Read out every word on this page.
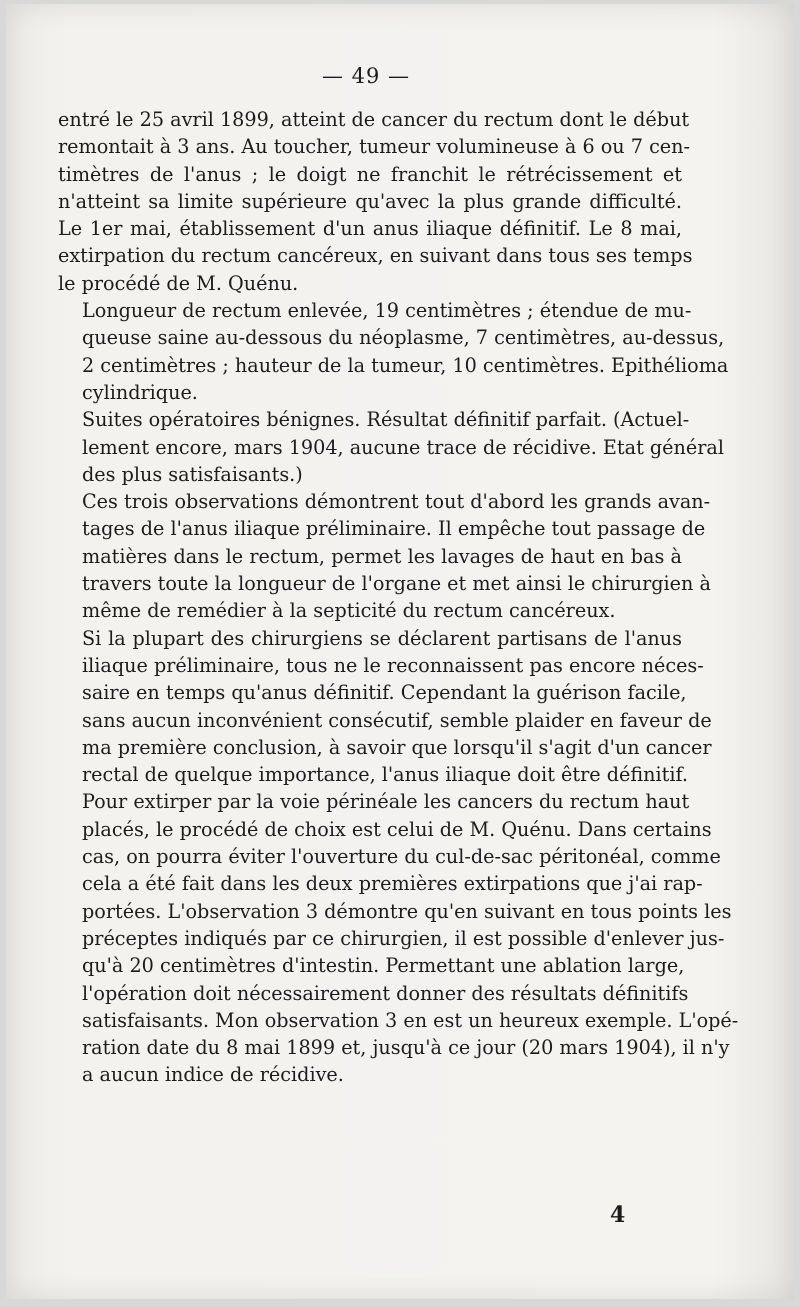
— 49 —

entré le 25 avril 1899, atteint de cancer du rectum dont le début
remontait à 3 ans. Au toucher, tumeur volumineuse à 6 ou 7 cen-
timètres de l'anus ; le doigt ne franchit le rétrécissement et
n'atteint sa limite supérieure qu'avec la plus grande difficulté.
Le 1er mai, établissement d'un anus iliaque définitif. Le 8 mai,
extirpation du rectum cancéreux, en suivant dans tous ses temps
le procédé de M. Quénu.

Longueur de rectum enlevée, 19 centimètres ; étendue de mu-
queuse saine au-dessous du néoplasme, 7 centimètres, au-dessus,
2 centimètres ; hauteur de la tumeur, 10 centimètres. Epithélioma
cylindrique.

Suites opératoires bénignes. Résultat définitif parfait. (Actuel-
lement encore, mars 1904, aucune trace de récidive. Etat général
des plus satisfaisants.)

Ces trois observations démontrent tout d'abord les grands avan-
tages de l'anus iliaque préliminaire. Il empêche tout passage de
matières dans le rectum, permet les lavages de haut en bas à
travers toute la longueur de l'organe et met ainsi le chirurgien à
même de remédier à la septicité du rectum cancéreux.

Si la plupart des chirurgiens se déclarent partisans de l'anus
iliaque préliminaire, tous ne le reconnaissent pas encore néces-
saire en temps qu'anus définitif. Cependant la guérison facile,
sans aucun inconvénient consécutif, semble plaider en faveur de
ma première conclusion, à savoir que lorsqu'il s'agit d'un cancer
rectal de quelque importance, l'anus iliaque doit être définitif.

Pour extirper par la voie périnéale les cancers du rectum haut
placés, le procédé de choix est celui de M. Quénu. Dans certains
cas, on pourra éviter l'ouverture du cul-de-sac péritonéal, comme
cela a été fait dans les deux premières extirpations que j'ai rap-
portées. L'observation 3 démontre qu'en suivant en tous points les
préceptes indiqués par ce chirurgien, il est possible d'enlever jus-
qu'à 20 centimètres d'intestin. Permettant une ablation large,
l'opération doit nécessairement donner des résultats définitifs
satisfaisants. Mon observation 3 en est un heureux exemple. L'opé-
ration date du 8 mai 1899 et, jusqu'à ce jour (20 mars 1904), il n'y
a aucun indice de récidive.

4
